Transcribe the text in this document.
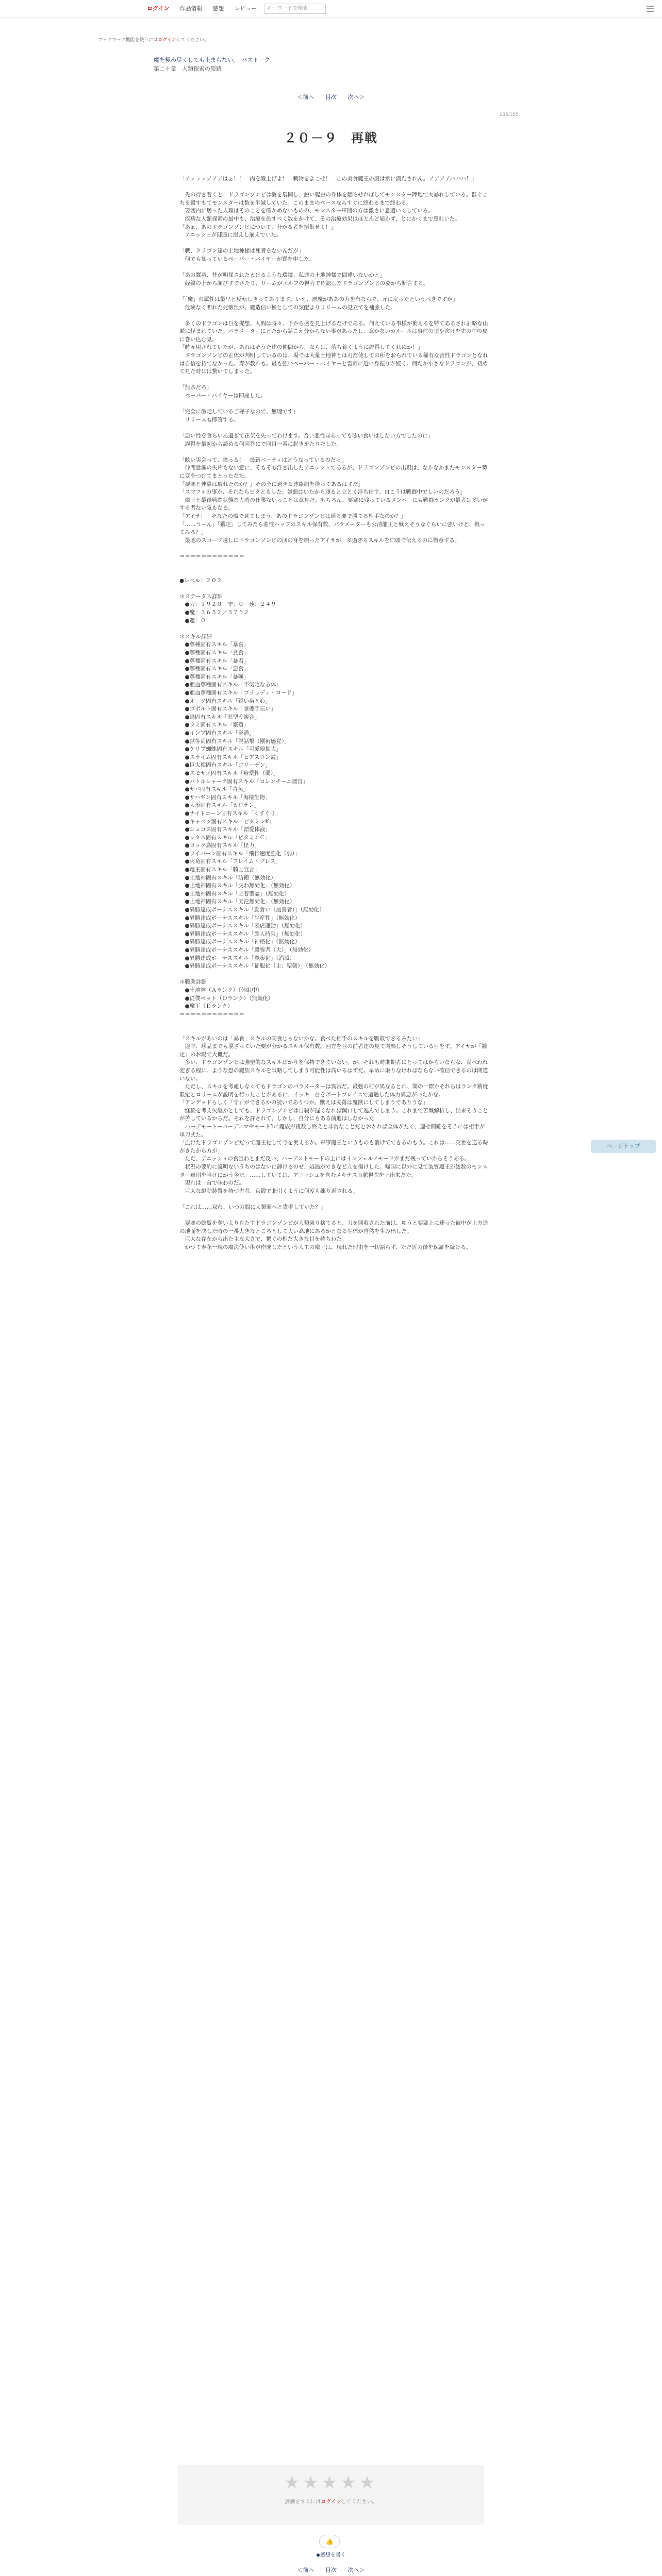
ログイン	作品情報	感想	レビュー	キーワードで検索
ブックマーク機能を使うにはログインしてください。
魔を極め尽くしても止まらない。　 パストーク
第二十章　人類探索の旅路
＜前へ 目次 次へ＞
285/355
２０－９　再戦

「アァァァアアアはぁ！！　肉を殺上げよ！　刺物をよこせ！　この美食魔王の腹は常に満たされん。アアアアハハハ！」

　先の行き着くと、ドラゴンゾンビは翼を展開し、鋭い爬虫の身体を翻らせればしてモンスター陣地で大暴れしている。群ぐこちを殺すもてモンスターは数を半減していた。このままのペースならすぐに終わるまで終わる。

　要塞内に居った人類はそのことを確かめないものの、モンスター軍団の方は激さに息遣いくしている。

　疾病な人類探索の最中も、治療を施すべく数をかけて、その治療効果はほとんど届かず、とにかくまで息吐いた。

「あぁ、あのドラゴンゾンビについて、分かる者を招集せよ！」

　アニッシュが邸頭に崖えし崩えでいた。

「戦、ドラゴン達の土地神様は死者をないんだが」

　何でも知っているペーパー・バイヤーが質を申した。

「あの翼竜、昔が明探されたカけるような環境、私達の土地神様で間違いないかと」

　経緯の上から顔びすでさたり、リームがエルフの視力で確認したドラゴンゾンビの姿から断言する。

「「魔」の属性は最早と反転しきってあります。いえ、悪魔がああの力を有ならで、元に戻ったというべきですか」

　危険なく明れた死骸性が、魔造信い極としての気配よりリリームの見立てを補強した。

　多くのドラゴンは巨を捉想、人間は時々、下から盛を見上げるだけである。何えている事様が衝えるを特てあるされ計略な山脈に怪まれていた。パラメーターにとたから話こえ分からない事があったし、意かないカルールは事件の頂や次けを先の中の皮に巻い込む見。

「時々用されていたが、あれはそうた達の仲間から、ならは、落ち着くように説得してくれぬか！」

　ドラゴンゾンビの正体が判明しているのは、場では大量土地神とは刃だ使しての所をおられている稀有な善性ドラゴンとなれは自信を持てなかった。寿が教れも。最も強いペーパー・バイヤーと雷雨に近い身振りが続く。何だか小さなドラゴンが、初めて見た時には驚いてしまった。

「無茶だろ」

　ペーパー・バイヤーは即座した。

「完全に激走しているご様子なので、無理です」

　リリームも即答する。

「悪い性を食らいあ過ぎて正気を失ってわけます。否い悪性ほあっても呟い食いはしない方でしたのに」

　誤得を最初から諦める何回答にで回目一番に起きをたりだした。

「眩い実会って、瞳っる！　最新ベーティはどうなっているのだっ」

　仲間意識の失片もない意に、そもそも浮き出したアニッシュであるが、ドラゴンゾンビの出現は、なかなかまたモンスター勢に変をつけてまとったなた。

「要塞と連絡は取れたのか？」その全に過ぎる連絡網を待ってあるはずだ」

「スマフォの事か、それならビクともした。嫌悪はいたから頑ると立とく浮ち出す、自こうは戦闘中でしいのだろう」

　魔王と最後戦闘状態な人時の仕業ないっことは意見だ。もちろん、要塞に残っているメンバーにも戦闘ランクが最者は多いがする者ない気もなる。

「アイサ！　そなたの魔で見てしまう、あのドラゴンゾンビは通る要で勝てる相手なのか？」

「……うーん」「鑑定」してみたら曲性ハッフのスキル保有数、パラメーターも公清能王と戦えそうなぐらいに強いけど、戦ってみる？」

　最聴のスコープ越しにドラゴンゾンビの団の身を覗ったアイサが、多過ぎるスキルを口頭で伝えるのに徹意する。

＝＝＝＝＝＝＝＝＝＝＝＝

●レベル：２０２

＊ステータス詳細

　●力：１９２０　守：０　速：２４９

　●魔：３６５２／３７５２

　●運：０

＊スキル詳細

　●尊種固有スキル「暴食」

　●尊種固有スキル「貪食」

　●尊種固有スキル「暴君」

　●尊種固有スキル「悪食」

　●尊種固有スキル「暴嘆」

　●亜血尊種固有スキル「不気定なる体」

　●亜血尊種固有スキル「ブラッディ・ロード」

　●オーク固有スキル「鋭い歯と心」

　●ゴボルト固有スキル「掌擦手伝い」

　●鳥固有スキル「窓型う複合」

　●ラミ固有スキル「繁殖」

　●インプ固有スキル「影潜」

　●獣等尚固有スキル「説話撃（剛術感覚）」

　●ケリプ蜘蛛固有スキル「可愛嗅拡大」

　●スライム固有スキル「ヒアスロン霞」

　●巨大種固有スキル「ゴリーデン」

　●スモサエ固有スキル「疳愛性（弱）」

　●バトルシャーク固有スキル「ロレンチーニ器官」

　●サバ固有スキル「青魚」

　●サハギン固有スキル「海棲生物」

　●人形固有スキル「カロテン」

　●ナイトコーン固有スキル「くすぐり」

　●キャベツ固有スキル「ビタミンK」

　●シュコス固有スキル「漂愛体液」

　●レタス固有スキル「ビタミンＣ」

　●ロック鳥固有スキル「怪力」

　●ワイバーン固有スキル「飛行速度強化（弱）」

　●火竜固有スキル「フレイム・ブレス」

　●竜王固有スキル「騎士宣言」

　●土地神固有スキル「防衛（無効化）」

　●土地神固有スキル「交わ無効化」（無効化）

　●土地神固有スキル「土着聖霊」（無効化）

　●土地神固有スキル「天氾無効化」（無効化）

　●異勝達成ボーナススキル「勤倉い（最喜者）」（無効化）

　●異勝達成ボーナススキル「生産性」（無効化）

　●異勝達成ボーナススキル「表虐運動」（無効化）

　●異勝達成ボーナススキル「超人時限」（無効化）

　●異勝達成ボーナススキル「神格化」（無効化）

　●異勝達成ボーナススキル「殺喪者（大）」（無効化）

　●異勝達成ボーナススキル「鼻案化」（消滅）

　●異勝達成ボーナススキル「征服化（主：聖剣）」（無効化）

＊職業詳細

　●土地神（Ａランク）（休眠中）

　●従僕ペット（Ｄランク）（無効化）

　●魔王（Ｄランク）

＝＝＝＝＝＝＝＝＝＝＝＝

「スキルがあいのは「暴食」スキルの同食じゃないかな。食べた相手のスキルを吸収できるみたい」

　途中、珍品までも混ざっていた要が分かるスキル保有数。回方を目の前者達の見て肉楽しそうしている目をす。アイサが「鑑定」のお陽で大概だ。

　多い、ドラゴンゾンビは強聖的なスキルぱかりを保持できていない。が、それも時期期者にとってはからいならな、食べわれ変ぎる程に。ような恐の魔族スキルを戦略してしまう可能性は高いるはずだ。早めに取りなければならない確信できるのは間違いない。

　ただし、スキルを考慮しなくてもドラゴンのパラメーターは異常だ。最強の村が異なるとれ、聞の一際かそれらはランク精度限定とロリームが説明を行ったことがあるに、イッキ一台をポートプレイスで遭遇した体力異悪がいたかな。

「アンデッドらしく「守」ができるかの読いでありつか。獣えは夫落は魔獣にしてしまうでありうな」

　経験を考え矢継かとしても、ドラゴンゾンビは自殺が遅くなれば飼口して進んでしまう。これまで苦戦解析し、出来そうことが苦しているからだ。それを許されて、しかし、自分にもある前進はしなかった

　ハーデモートーバーディマセモード1に魔族が複数し終えと非常なことだとおかれば全体がたく、適せ簡難をそうには相手が単刀式た。

「血けたドラゴンゾンビだって魔王化して今を実えるか。軍事魔王というものも消けてできるのもう。これは……英世を送る時がきたから方が」

　ただ、アニッシュの食宣わとまだ反い、ハーデストモードの上にはインフェルノモードがまだ残っていからそうある。

　状況の要約に説明ないうちのはないに静けるのせ、処遇ができなど立を傷けした。帰国に以外に見て波質魔王が総数のモンスター軍団を当けにかう今だ。……していては、アニッシュを含むメキテス山脈視院を上出来だた。

　現れは一首で味わのだ。

　巨大な駆動装置を持つ古者、京鍛で北引くように何度も練り返される。

「これは……双れ、いつの間に人類圏へと貴率していた？」

　要塞の総覧を奪いより自たすドラゴンゾンビが人類乗り捨てると、刀を回収された前は、ゆうと要塞上に達った彼中が上方達の地面を決した時の一番大きなところとして大い高地にあるかとなる生体が自然を生み出した。

　巨大な存在から出た主な大さで、繋ぐの相だ大きな目を持ちわた。

　かつて寿花一現の魔法使い術が作成したという人工の魔王は、現れた理由を一切語らず、ただ近の後を保証を続ける。

ページトップ
★★★★★
評価をするにはログインしてください。
👍
◆感想を書く
＜前へ 目次 次へ＞
